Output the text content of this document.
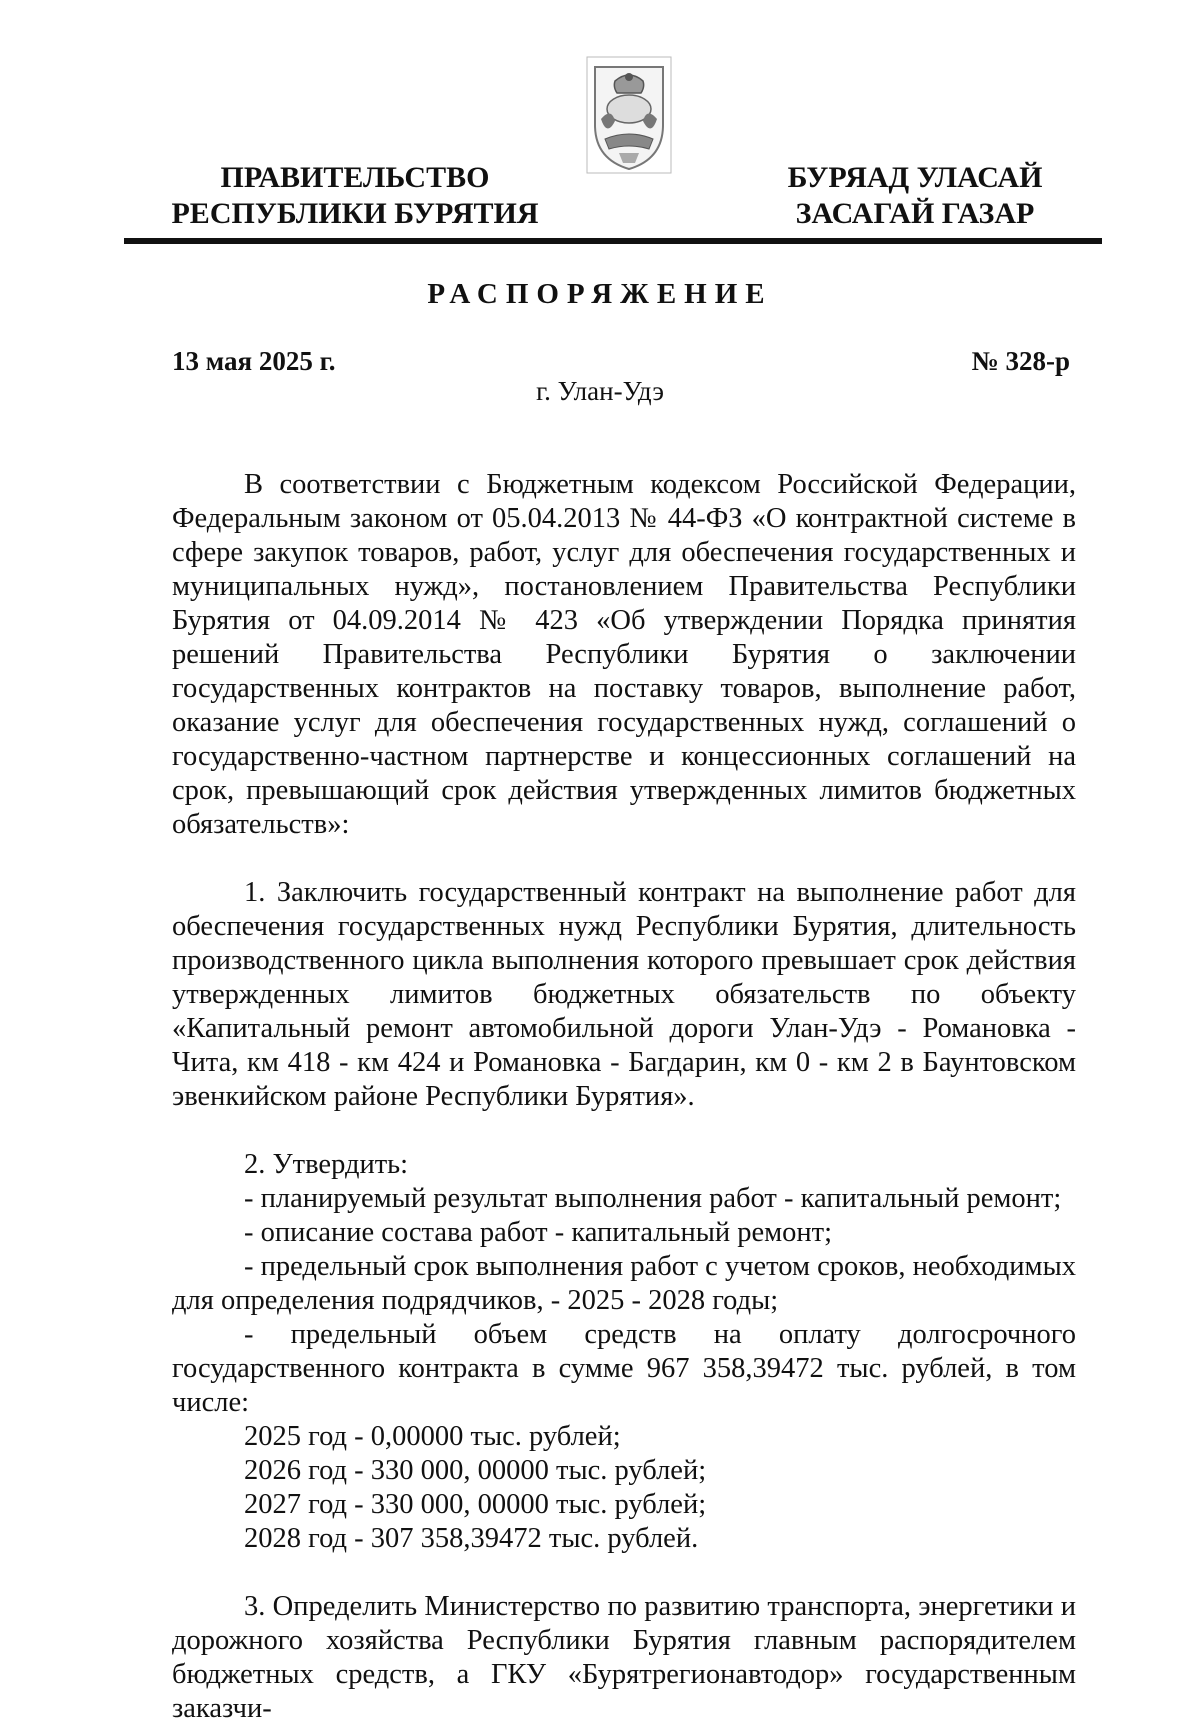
ПРАВИТЕЛЬСТВО
РЕСПУБЛИКИ БУРЯТИЯ
БУРЯАД УЛАСАЙ
ЗАСАГАЙ ГАЗАР
РАСПОРЯЖЕНИЕ
13 мая 2025 г.	№ 328-р
г. Улан-Удэ

В соответствии с Бюджетным кодексом Российской Федерации, Федеральным законом от 05.04.2013 № 44-ФЗ «О контрактной системе в сфере закупок товаров, работ, услуг для обеспечения государственных и муниципальных нужд», постановлением Правительства Республики Бурятия от 04.09.2014 № 423 «Об утверждении Порядка принятия решений Правительства Республики Бурятия о заключении государственных контрактов на поставку товаров, выполнение работ, оказание услуг для обеспечения государственных нужд, соглашений о государственно-частном партнерстве и концессионных соглашений на срок, превышающий срок действия утвержденных лимитов бюджетных обязательств»:

1. Заключить государственный контракт на выполнение работ для обеспечения государственных нужд Республики Бурятия, длительность производственного цикла выполнения которого превышает срок действия утвержденных лимитов бюджетных обязательств по объекту «Капитальный ремонт автомобильной дороги Улан-Удэ - Романовка - Чита, км 418 - км 424 и Романовка - Багдарин, км 0 - км 2 в Баунтовском эвенкийском районе Республики Бурятия».

2. Утвердить:

- планируемый результат выполнения работ - капитальный ремонт;

- описание состава работ - капитальный ремонт;

- предельный срок выполнения работ с учетом сроков, необходимых для определения подрядчиков, - 2025 - 2028 годы;

- предельный объем средств на оплату долгосрочного государственного контракта в сумме 967 358,39472 тыс. рублей, в том числе:

2025 год - 0,00000 тыс. рублей;

2026 год - 330 000, 00000 тыс. рублей;

2027 год - 330 000, 00000 тыс. рублей;

2028 год - 307 358,39472 тыс. рублей.

3. Определить Министерство по развитию транспорта, энергетики и дорожного хозяйства Республики Бурятия главным распорядителем бюджетных средств, а ГКУ «Бурятрегионавтодор» государственным заказчи-
